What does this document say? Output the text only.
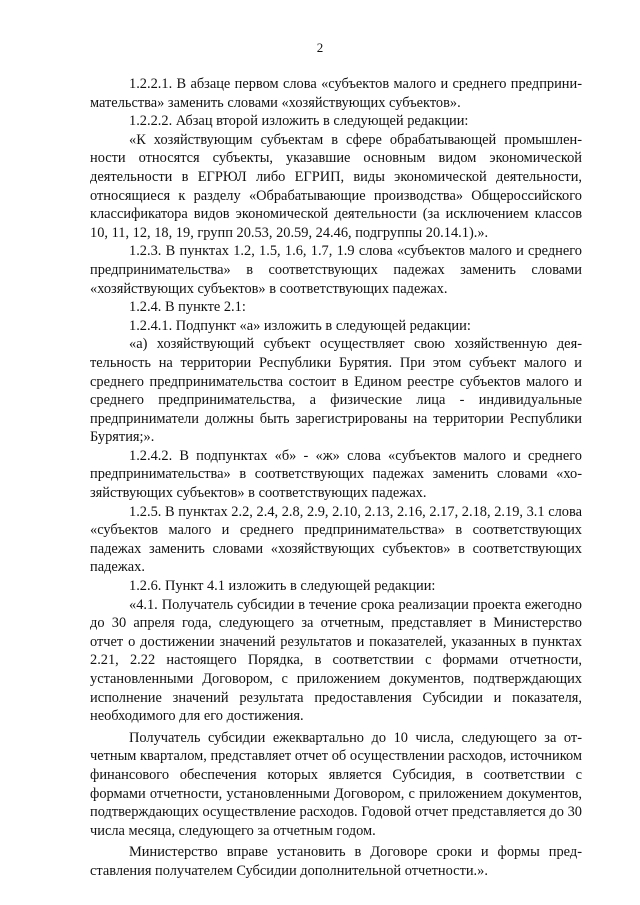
2

1.2.2.1. В абзаце первом слова «субъектов малого и среднего предпринимательства» заменить словами «хозяйствующих субъектов».

1.2.2.2. Абзац второй изложить в следующей редакции:

«К хозяйствующим субъектам в сфере обрабатывающей промышленности относятся субъекты, указавшие основным видом экономической деятельности в ЕГРЮЛ либо ЕГРИП, виды экономической деятельности, относящиеся к разделу «Обрабатывающие производства» Общероссийского классификатора видов экономической деятельности (за исключением классов 10, 11, 12, 18, 19, групп 20.53, 20.59, 24.46, подгруппы 20.14.1).».

1.2.3. В пунктах 1.2, 1.5, 1.6, 1.7, 1.9 слова «субъектов малого и среднего предпринимательства» в соответствующих падежах заменить словами «хозяйствующих субъектов» в соответствующих падежах.

1.2.4. В пункте 2.1:

1.2.4.1. Подпункт «а» изложить в следующей редакции:

«а) хозяйствующий субъект осуществляет свою хозяйственную деятельность на территории Республики Бурятия. При этом субъект малого и среднего предпринимательства состоит в Едином реестре субъектов малого и среднего предпринимательства, а физические лица - индивидуальные предприниматели должны быть зарегистрированы на территории Республики Бурятия;».

1.2.4.2. В подпунктах «б» - «ж» слова «субъектов малого и среднего предпринимательства» в соответствующих падежах заменить словами «хозяйствующих субъектов» в соответствующих падежах.

1.2.5. В пунктах 2.2, 2.4, 2.8, 2.9, 2.10, 2.13, 2.16, 2.17, 2.18, 2.19, 3.1 слова «субъектов малого и среднего предпринимательства» в соответствующих падежах заменить словами «хозяйствующих субъектов» в соответствующих падежах.

1.2.6. Пункт 4.1 изложить в следующей редакции:

«4.1. Получатель субсидии в течение срока реализации проекта ежегодно до 30 апреля года, следующего за отчетным, представляет в Министерство отчет о достижении значений результатов и показателей, указанных в пунктах 2.21, 2.22 настоящего Порядка, в соответствии с формами отчетности, установленными Договором, с приложением документов, подтверждающих исполнение значений результата предоставления Субсидии и показателя, необходимого для его достижения.

Получатель субсидии ежеквартально до 10 числа, следующего за отчетным кварталом, представляет отчет об осуществлении расходов, источником финансового обеспечения которых является Субсидия, в соответствии с формами отчетности, установленными Договором, с приложением документов, подтверждающих осуществление расходов. Годовой отчет представляется до 30 числа месяца, следующего за отчетным годом.

Министерство вправе установить в Договоре сроки и формы представления получателем Субсидии дополнительной отчетности.».
